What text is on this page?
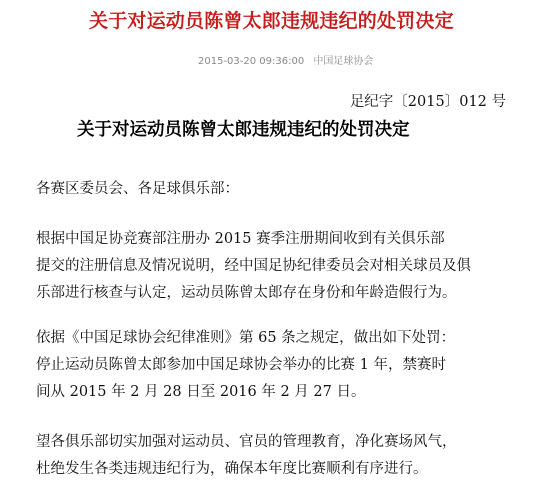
关于对运动员陈曾太郎违规违纪的处罚决定
2015-03-20 09:36:00 中国足球协会
足纪字〔2015〕012 号
关于对运动员陈曾太郎违规违纪的处罚决定
各赛区委员会、各足球俱乐部：
根据中国足协竞赛部注册办 2015 赛季注册期间收到有关俱乐部
提交的注册信息及情况说明，经中国足协纪律委员会对相关球员及俱
乐部进行核查与认定，运动员陈曾太郎存在身份和年龄造假行为。
依据《中国足球协会纪律准则》第 65 条之规定，做出如下处罚：
停止运动员陈曾太郎参加中国足球协会举办的比赛 1 年，禁赛时
间从 2015 年 2 月 28 日至 2016 年 2 月 27 日。
望各俱乐部切实加强对运动员、官员的管理教育，净化赛场风气，
杜绝发生各类违规违纪行为，确保本年度比赛顺利有序进行。
